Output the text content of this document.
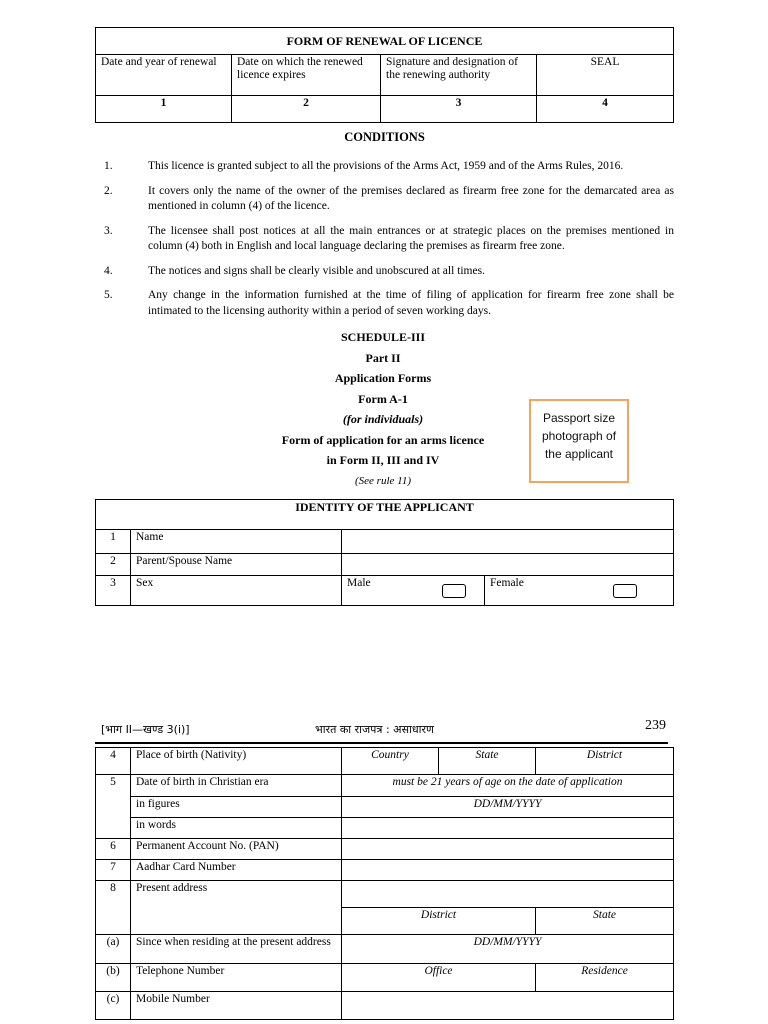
FORM OF RENEWAL OF LICENCE			
Date and year of renewal	Date on which the renewed licence expires	Signature and designation of the renewing authority	SEAL
1	2	3	4
CONDITIONS
1.	This licence is granted subject to all the provisions of the Arms Act, 1959 and of the Arms Rules, 2016.
2.	It covers only the name of the owner of the premises declared as firearm free zone for the demarcated area as mentioned in column (4) of the licence.
3.	The licensee shall post notices at all the main entrances or at strategic places on the premises mentioned in column (4) both in English and local language declaring the premises as firearm free zone.
4.	The notices and signs shall be clearly visible and unobscured at all times.
5.	Any change in the information furnished at the time of filing of application for firearm free zone shall be intimated to the licensing authority within a period of seven working days.
SCHEDULE-III
Part II
Application Forms
Form A-1
(for individuals)
Form of application for an arms licence
in Form II, III and IV
(See rule 11)
Passport size
photograph of
the applicant
IDENTITY OF THE APPLICANT			
1	Name		
2	Parent/Spouse Name		
3	Sex	Male	Female
[भाग II—खण्ड 3(i)]	भारत का राजपत्र : असाधारण	239
4	Place of birth (Nativity)	Country	State	District
5	Date of birth in Christian era	must be 21 years of age on the date of application		
	in figures	DD/MM/YYYY		
	in words			
6	Permanent Account No. (PAN)			
7	Aadhar Card Number			
8	Present address			
		District		State
(a)	Since when residing at the present address	DD/MM/YYYY		
(b)	Telephone Number	Office		Residence
(c)	Mobile Number			
